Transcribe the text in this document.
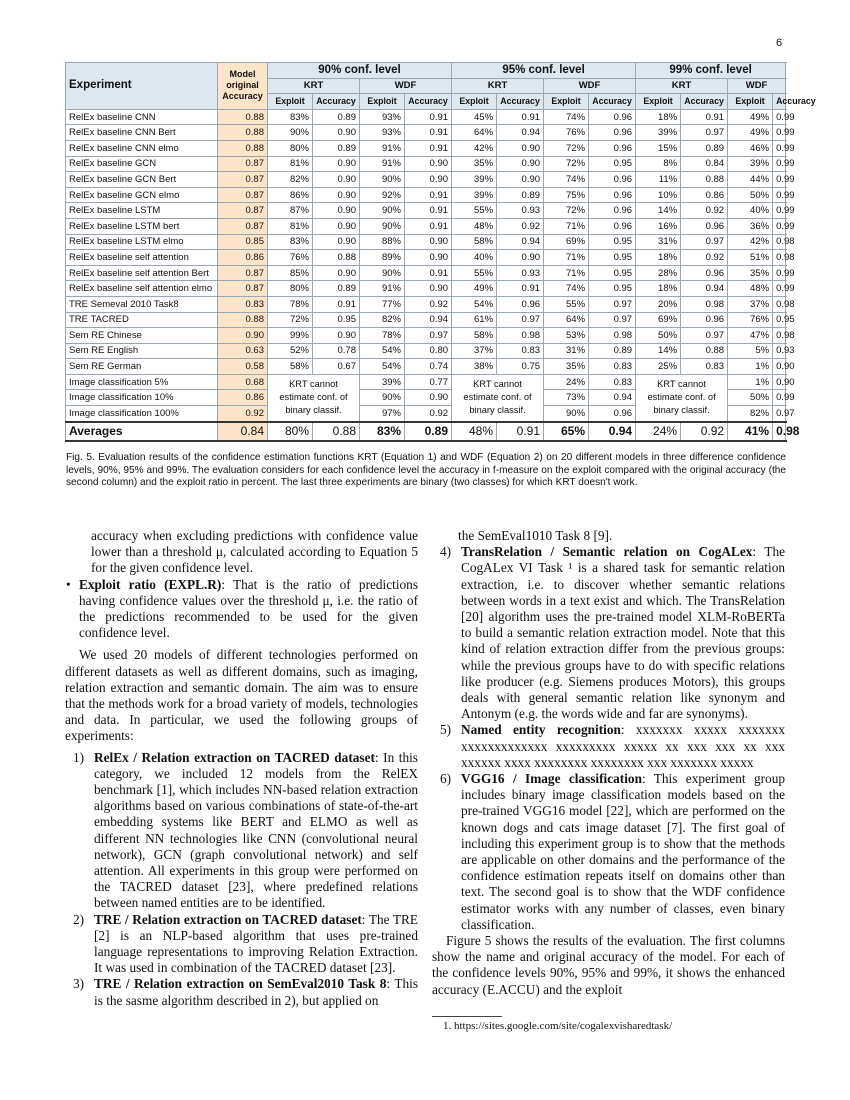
6
Experiment	Model
original
Accuracy	90% conf. level				95% conf. level				99% conf. level			
		KRT		WDF		KRT		WDF		KRT		WDF	
		Exploit	Accuracy	Exploit	Accuracy	Exploit	Accuracy	Exploit	Accuracy	Exploit	Accuracy	Exploit	Accuracy
RelEx baseline CNN	0.88	83%	0.89	93%	0.91	45%	0.91	74%	0.96	18%	0.91	49%	0.99
RelEx baseline CNN Bert	0.88	90%	0.90	93%	0.91	64%	0.94	76%	0.96	39%	0.97	49%	0.99
RelEx baseline CNN elmo	0.88	80%	0.89	91%	0.91	42%	0.90	72%	0.96	15%	0.89	46%	0.99
RelEx baseline GCN	0.87	81%	0.90	91%	0.90	35%	0.90	72%	0.95	8%	0.84	39%	0.99
RelEx baseline GCN Bert	0.87	82%	0.90	90%	0.90	39%	0.90	74%	0.96	11%	0.88	44%	0.99
RelEx baseline GCN elmo	0.87	86%	0.90	92%	0.91	39%	0.89	75%	0.96	10%	0.86	50%	0.99
RelEx baseline LSTM	0.87	87%	0.90	90%	0.91	55%	0.93	72%	0.96	14%	0.92	40%	0.99
RelEx baseline LSTM bert	0.87	81%	0.90	90%	0.91	48%	0.92	71%	0.96	16%	0.96	36%	0.99
RelEx baseline LSTM elmo	0.85	83%	0.90	88%	0.90	58%	0.94	69%	0.95	31%	0.97	42%	0.98
RelEx baseline self attention	0.86	76%	0.88	89%	0.90	40%	0.90	71%	0.95	18%	0.92	51%	0.98
RelEx baseline self attention Bert	0.87	85%	0.90	90%	0.91	55%	0.93	71%	0.95	28%	0.96	35%	0.99
RelEx baseline self attention elmo	0.87	80%	0.89	91%	0.90	49%	0.91	74%	0.95	18%	0.94	48%	0.99
TRE Semeval 2010 Task8	0.83	78%	0.91	77%	0.92	54%	0.96	55%	0.97	20%	0.98	37%	0.98
TRE TACRED	0.88	72%	0.95	82%	0.94	61%	0.97	64%	0.97	69%	0.96	76%	0.95
Sem RE Chinese	0.90	99%	0.90	78%	0.97	58%	0.98	53%	0.98	50%	0.97	47%	0.98
Sem RE English	0.63	52%	0.78	54%	0.80	37%	0.83	31%	0.89	14%	0.88	5%	0.93
Sem RE German	0.58	58%	0.67	54%	0.74	38%	0.75	35%	0.83	25%	0.83	1%	0.90
Image classification 5%	0.68	KRT cannot
estimate conf. of
binary classif.		39%	0.77	KRT cannot
estimate conf. of
binary classif.		24%	0.83	KRT cannot
estimate conf. of
binary classif.		1%	0.90
Image classification 10%	0.86			90%	0.90			73%	0.94			50%	0.99
Image classification 100%	0.92			97%	0.92			90%	0.96			82%	0.97
Averages	0.84	80%	0.88	83%	0.89	48%	0.91	65%	0.94	24%	0.92	41%	0.98
Fig. 5. Evaluation results of the confidence estimation functions KRT (Equation 1) and WDF (Equation 2) on 20 different models in three difference confidence levels, 90%, 95% and 99%. The evaluation considers for each confidence level the accuracy in f-measure on the exploit compared with the original accuracy (the second column) and the exploit ratio in percent. The last three experiments are binary (two classes) for which KRT doesn't work.

accuracy when excluding predictions with confidence value lower than a threshold μ, calculated according to Equation 5 for the given confidence level.

• Exploit ratio (EXPL.R): That is the ratio of predictions having confidence values over the threshold μ, i.e. the ratio of the predictions recommended to be used for the given confidence level.

We used 20 models of different technologies performed on different datasets as well as different domains, such as imaging, relation extraction and semantic domain. The aim was to ensure that the methods work for a broad variety of models, technologies and data. In particular, we used the following groups of experiments:

1) RelEx / Relation extraction on TACRED dataset: In this category, we included 12 models from the RelEX benchmark [1], which includes NN-based relation extraction algorithms based on various combinations of state-of-the-art embedding systems like BERT and ELMO as well as different NN technologies like CNN (convolutional neural network), GCN (graph convolutional network) and self attention. All experiments in this group were performed on the TACRED dataset [23], where predefined relations between named entities are to be identified.

2) TRE / Relation extraction on TACRED dataset: The TRE [2] is an NLP-based algorithm that uses pre-trained language representations to improving Relation Extraction. It was used in combination of the TACRED dataset [23].

3) TRE / Relation extraction on SemEval2010 Task 8: This is the sasme algorithm described in 2), but applied on

the SemEval1010 Task 8 [9].

4) TransRelation / Semantic relation on CogALex: The CogALex VI Task ¹ is a shared task for semantic relation extraction, i.e. to discover whether semantic relations between words in a text exist and which. The TransRelation [20] algorithm uses the pre-trained model XLM-RoBERTa to build a semantic relation extraction model. Note that this kind of relation extraction differ from the previous groups: while the previous groups have to do with specific relations like producer (e.g. Siemens produces Motors), this groups deals with general semantic relation like synonym and Antonym (e.g. the words wide and far are synonyms).

5) Named entity recognition: xxxxxxx xxxxx xxxxxxx xxxxxxxxxxxxx xxxxxxxxx xxxxx xx xxx xxx xx xxx xxxxxx xxxx xxxxxxxx xxxxxxxx xxx xxxxxxx xxxxx

6) VGG16 / Image classification: This experiment group includes binary image classification models based on the pre-trained VGG16 model [22], which are performed on the known dogs and cats image dataset [7]. The first goal of including this experiment group is to show that the methods are applicable on other domains and the performance of the confidence estimation repeats itself on domains other than text. The second goal is to show that the WDF confidence estimator works with any number of classes, even binary classification.

Figure 5 shows the results of the evaluation. The first columns show the name and original accuracy of the model. For each of the confidence levels 90%, 95% and 99%, it shows the enhanced accuracy (E.ACCU) and the exploit

1. https://sites.google.com/site/cogalexvisharedtask/
